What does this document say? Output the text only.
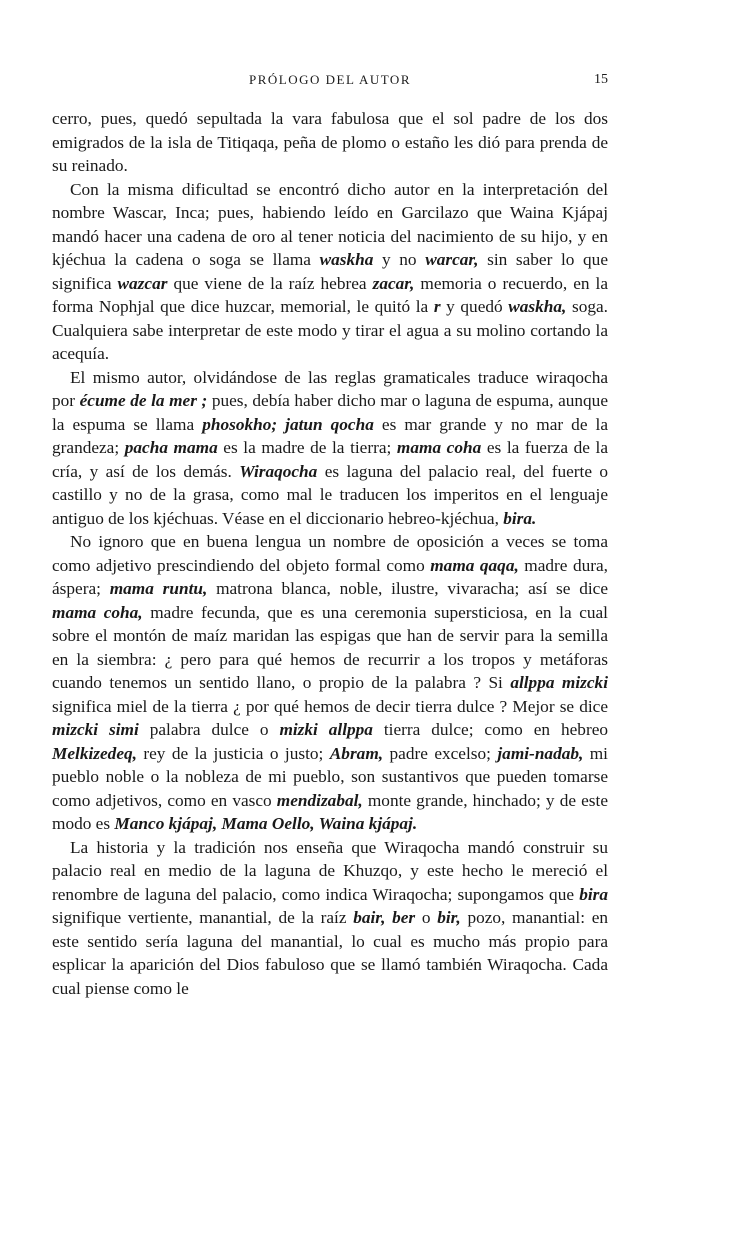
PRÓLOGO DEL AUTOR	15

cerro, pues, quedó sepultada la vara fabulosa que el sol padre de los dos emigrados de la isla de Titiqaqa, peña de plomo o estaño les dió para prenda de su reinado.

Con la misma dificultad se encontró dicho autor en la interpretación del nombre Wascar, Inca; pues, habiendo leído en Garcilazo que Waina Kjápaj mandó hacer una cadena de oro al tener noticia del nacimiento de su hijo, y en kjéchua la cadena o soga se llama waskha y no warcar, sin saber lo que significa wazcar que viene de la raíz hebrea zacar, memoria o recuerdo, en la forma Nophjal que dice huzcar, memorial, le quitó la r y quedó waskha, soga. Cualquiera sabe interpretar de este modo y tirar el agua a su molino cortando la acequía.

El mismo autor, olvidándose de las reglas gramaticales traduce wiraqocha por écume de la mer ; pues, debía haber dicho mar o laguna de espuma, aunque la espuma se llama phosokho; jatun qocha es mar grande y no mar de la grandeza; pacha mama es la madre de la tierra; mama coha es la fuerza de la cría, y así de los demás. Wiraqocha es laguna del palacio real, del fuerte o castillo y no de la grasa, como mal le traducen los imperitos en el lenguaje antiguo de los kjéchuas. Véase en el diccionario hebreo-kjéchua, bira.

No ignoro que en buena lengua un nombre de oposición a veces se toma como adjetivo prescindiendo del objeto formal como mama qaqa, madre dura, áspera; mama runtu, matrona blanca, noble, ilustre, vivaracha; así se dice mama coha, madre fecunda, que es una ceremonia supersticiosa, en la cual sobre el montón de maíz maridan las espigas que han de servir para la semilla en la siembra: ¿ pero para qué hemos de recurrir a los tropos y metáforas cuando tenemos un sentido llano, o propio de la palabra ? Si allppa mizcki significa miel de la tierra ¿ por qué hemos de decir tierra dulce ? Mejor se dice mizcki simi palabra dulce o mizki allppa tierra dulce; como en hebreo Melkizedeq, rey de la justicia o justo; Abram, padre excelso; jami-nadab, mi pueblo noble o la nobleza de mi pueblo, son sustantivos que pueden tomarse como adjetivos, como en vasco mendizabal, monte grande, hinchado; y de este modo es Manco kjápaj, Mama Oello, Waina kjápaj.

La historia y la tradición nos enseña que Wiraqocha mandó construir su palacio real en medio de la laguna de Khuzqo, y este hecho le mereció el renombre de laguna del palacio, como indica Wiraqocha; supongamos que bira signifique vertiente, manantial, de la raíz bair, ber o bir, pozo, manantial: en este sentido sería laguna del manantial, lo cual es mucho más propio para esplicar la aparición del Dios fabuloso que se llamó también Wiraqocha. Cada cual piense como le
